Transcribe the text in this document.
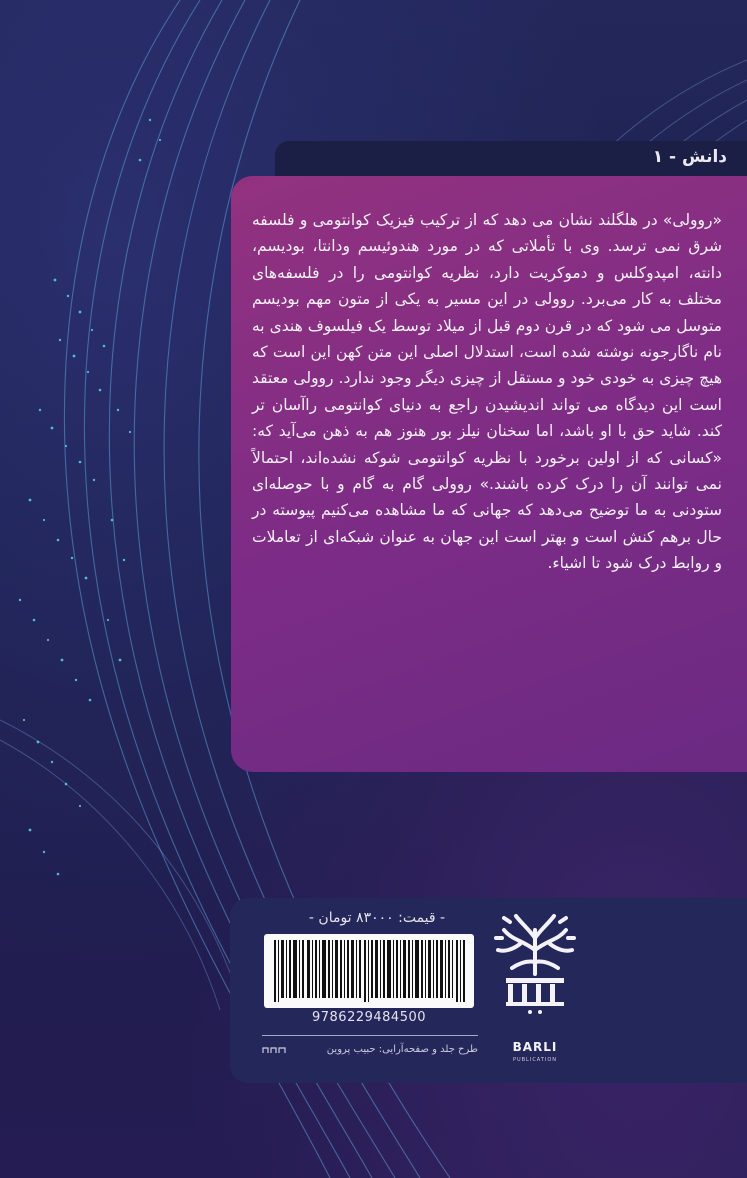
دانش - ۱

«روولی» در هلگلند نشان می دهد که از ترکیب فیزیک کوانتومی و فلسفه شرق نمی ترسد. وی با تأملاتی که در مورد هندوئیسم ودانتا، بودیسم، دانته، امپدوکلس و دموکریت دارد، نظریه کوانتومی را در فلسفه‌های مختلف به کار می‌برد. روولی در این مسیر به یکی از متون مهم بودیسم متوسل می شود که در قرن دوم قبل از میلاد توسط یک فیلسوف هندی به نام ناگارجونه نوشته شده است، استدلال اصلی این متن کهن این است که هیچ چیزی به خودی خود و مستقل از چیزی دیگر وجود ندارد. روولی معتقد است این دیدگاه می تواند اندیشیدن راجع به دنیای کوانتومی راآسان تر کند. شاید حق با او باشد، اما سخنان نیلز بور هنوز هم به ذهن می‌آید که: «کسانی که از اولین برخورد با نظریه کوانتومی شوکه نشده‌اند، احتمالاً نمی توانند آن را درک کرده باشند.» روولی گام به گام و با حوصله‌ای ستودنی به ما توضیح می‌دهد که جهانی که ما مشاهده می‌کنیم پیوسته در حال برهم کنش است و بهتر است این جهان به عنوان شبکه‌ای از تعاملات و روابط درک شود تا اشیاء.

- قیمت: ۸۳۰۰۰ تومان -
9786229484500
طرح جلد و صفحه‌آرایی: حبیب پروین	BARLI
PUBLICATION
